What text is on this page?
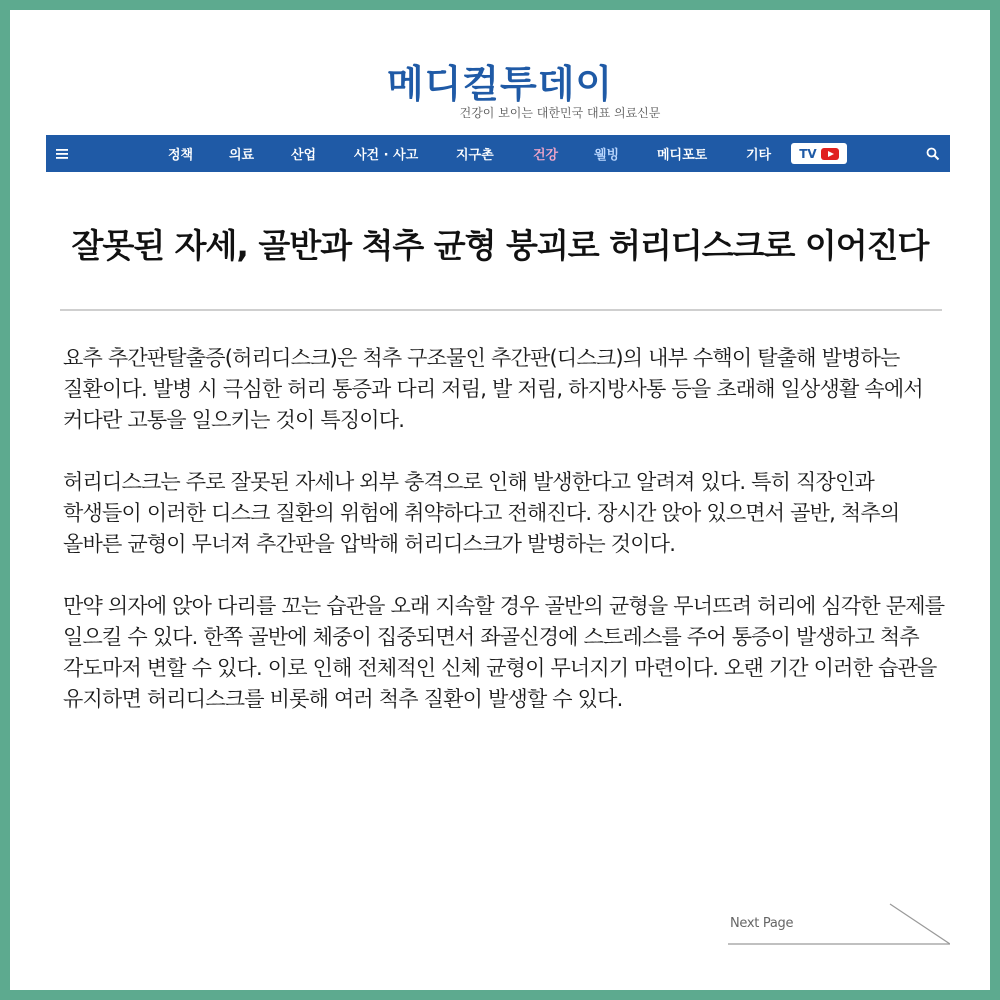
메디컬투데이
건강이 보이는 대한민국 대표 의료신문
정책	의료	산업	사건 · 사고	지구촌	건강	웰빙	메디포토	기타 TV
잘못된 자세, 골반과 척추 균형 붕괴로 허리디스크로 이어진다

요추 추간판탈출증(허리디스크)은 척추 구조물인 추간판(디스크)의 내부 수핵이 탈출해 발병하는 질환이다. 발병 시 극심한 허리 통증과 다리 저림, 발 저림, 하지방사통 등을 초래해 일상생활 속에서 커다란 고통을 일으키는 것이 특징이다.

허리디스크는 주로 잘못된 자세나 외부 충격으로 인해 발생한다고 알려져 있다. 특히 직장인과 학생들이 이러한 디스크 질환의 위험에 취약하다고 전해진다. 장시간 앉아 있으면서 골반, 척추의 올바른 균형이 무너져 추간판을 압박해 허리디스크가 발병하는 것이다.

만약 의자에 앉아 다리를 꼬는 습관을 오래 지속할 경우 골반의 균형을 무너뜨려 허리에 심각한 문제를 일으킬 수 있다. 한쪽 골반에 체중이 집중되면서 좌골신경에 스트레스를 주어 통증이 발생하고 척추 각도마저 변할 수 있다. 이로 인해 전체적인 신체 균형이 무너지기 마련이다. 오랜 기간 이러한 습관을 유지하면 허리디스크를 비롯해 여러 척추 질환이 발생할 수 있다.

Next Page
